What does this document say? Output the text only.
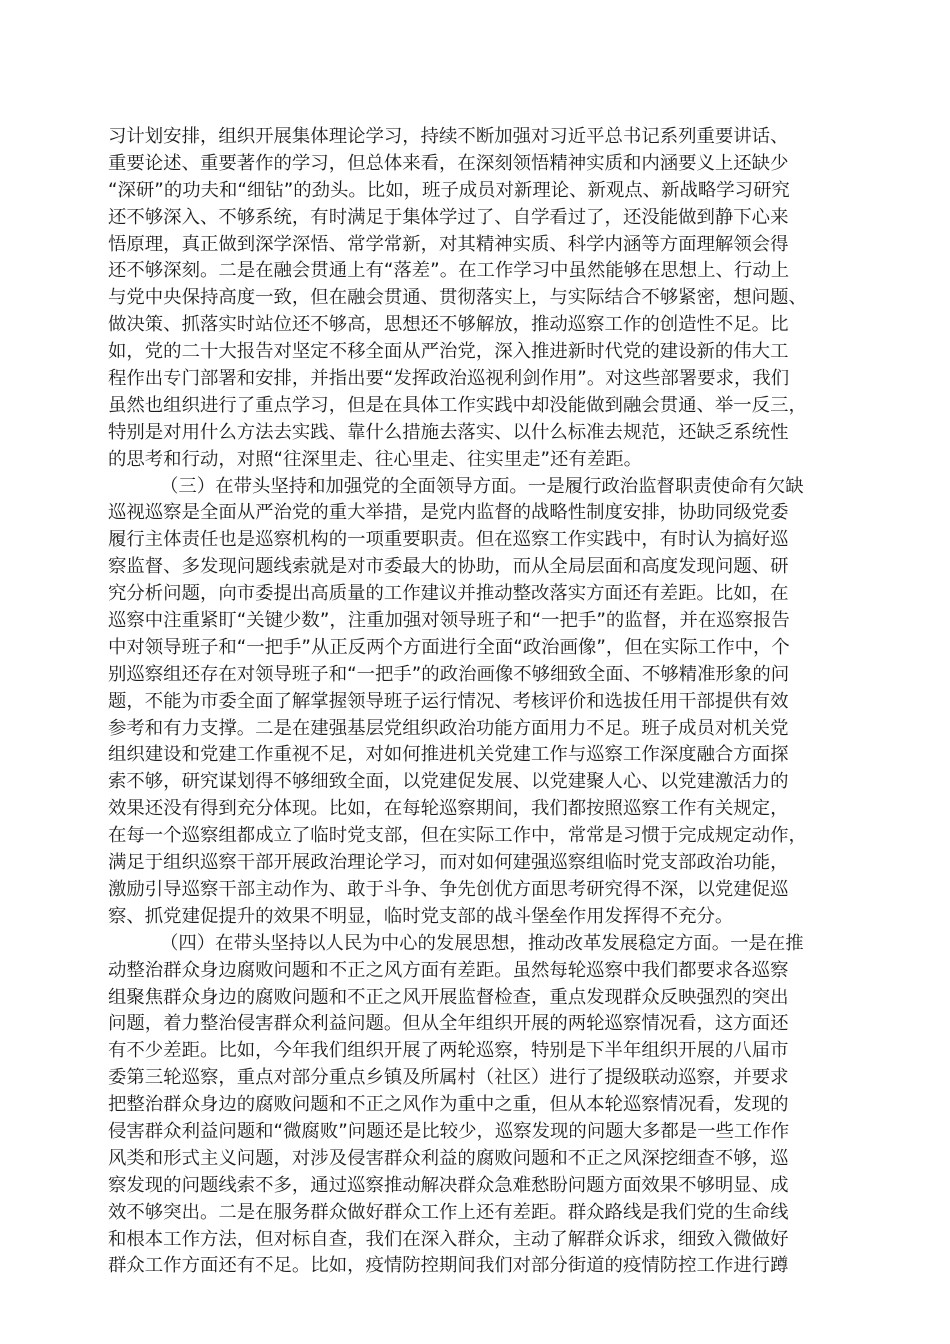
习计划安排，组织开展集体理论学习，持续不断加强对习近平总书记系列重要讲话、
重要论述、重要著作的学习，但总体来看，在深刻领悟精神实质和内涵要义上还缺少
“深研”的功夫和“细钻”的劲头。比如，班子成员对新理论、新观点、新战略学习研究
还不够深入、不够系统，有时满足于集体学过了、自学看过了，还没能做到静下心来
悟原理，真正做到深学深悟、常学常新，对其精神实质、科学内涵等方面理解领会得
还不够深刻。二是在融会贯通上有“落差”。在工作学习中虽然能够在思想上、行动上
与党中央保持高度一致，但在融会贯通、贯彻落实上，与实际结合不够紧密，想问题、
做决策、抓落实时站位还不够高，思想还不够解放，推动巡察工作的创造性不足。比
如，党的二十大报告对坚定不移全面从严治党，深入推进新时代党的建设新的伟大工
程作出专门部署和安排，并指出要“发挥政治巡视利剑作用”。对这些部署要求，我们
虽然也组织进行了重点学习，但是在具体工作实践中却没能做到融会贯通、举一反三，
特别是对用什么方法去实践、靠什么措施去落实、以什么标准去规范，还缺乏系统性
的思考和行动，对照“往深里走、往心里走、往实里走”还有差距。
（三）在带头坚持和加强党的全面领导方面。一是履行政治监督职责使命有欠缺
巡视巡察是全面从严治党的重大举措，是党内监督的战略性制度安排，协助同级党委
履行主体责任也是巡察机构的一项重要职责。但在巡察工作实践中，有时认为搞好巡
察监督、多发现问题线索就是对市委最大的协助，而从全局层面和高度发现问题、研
究分析问题，向市委提出高质量的工作建议并推动整改落实方面还有差距。比如，在
巡察中注重紧盯“关键少数”，注重加强对领导班子和“一把手”的监督，并在巡察报告
中对领导班子和“一把手”从正反两个方面进行全面“政治画像”，但在实际工作中，个
别巡察组还存在对领导班子和“一把手”的政治画像不够细致全面、不够精准形象的问
题，不能为市委全面了解掌握领导班子运行情况、考核评价和选拔任用干部提供有效
参考和有力支撑。二是在建强基层党组织政治功能方面用力不足。班子成员对机关党
组织建设和党建工作重视不足，对如何推进机关党建工作与巡察工作深度融合方面探
索不够，研究谋划得不够细致全面，以党建促发展、以党建聚人心、以党建激活力的
效果还没有得到充分体现。比如，在每轮巡察期间，我们都按照巡察工作有关规定，
在每一个巡察组都成立了临时党支部，但在实际工作中，常常是习惯于完成规定动作，
满足于组织巡察干部开展政治理论学习，而对如何建强巡察组临时党支部政治功能，
激励引导巡察干部主动作为、敢于斗争、争先创优方面思考研究得不深，以党建促巡
察、抓党建促提升的效果不明显，临时党支部的战斗堡垒作用发挥得不充分。
（四）在带头坚持以人民为中心的发展思想，推动改革发展稳定方面。一是在推
动整治群众身边腐败问题和不正之风方面有差距。虽然每轮巡察中我们都要求各巡察
组聚焦群众身边的腐败问题和不正之风开展监督检查，重点发现群众反映强烈的突出
问题，着力整治侵害群众利益问题。但从全年组织开展的两轮巡察情况看，这方面还
有不少差距。比如，今年我们组织开展了两轮巡察，特别是下半年组织开展的八届市
委第三轮巡察，重点对部分重点乡镇及所属村（社区）进行了提级联动巡察，并要求
把整治群众身边的腐败问题和不正之风作为重中之重，但从本轮巡察情况看，发现的
侵害群众利益问题和“微腐败”问题还是比较少，巡察发现的问题大多都是一些工作作
风类和形式主义问题，对涉及侵害群众利益的腐败问题和不正之风深挖细查不够，巡
察发现的问题线索不多，通过巡察推动解决群众急难愁盼问题方面效果不够明显、成
效不够突出。二是在服务群众做好群众工作上还有差距。群众路线是我们党的生命线
和根本工作方法，但对标自查，我们在深入群众，主动了解群众诉求，细致入微做好
群众工作方面还有不足。比如，疫情防控期间我们对部分街道的疫情防控工作进行蹲
